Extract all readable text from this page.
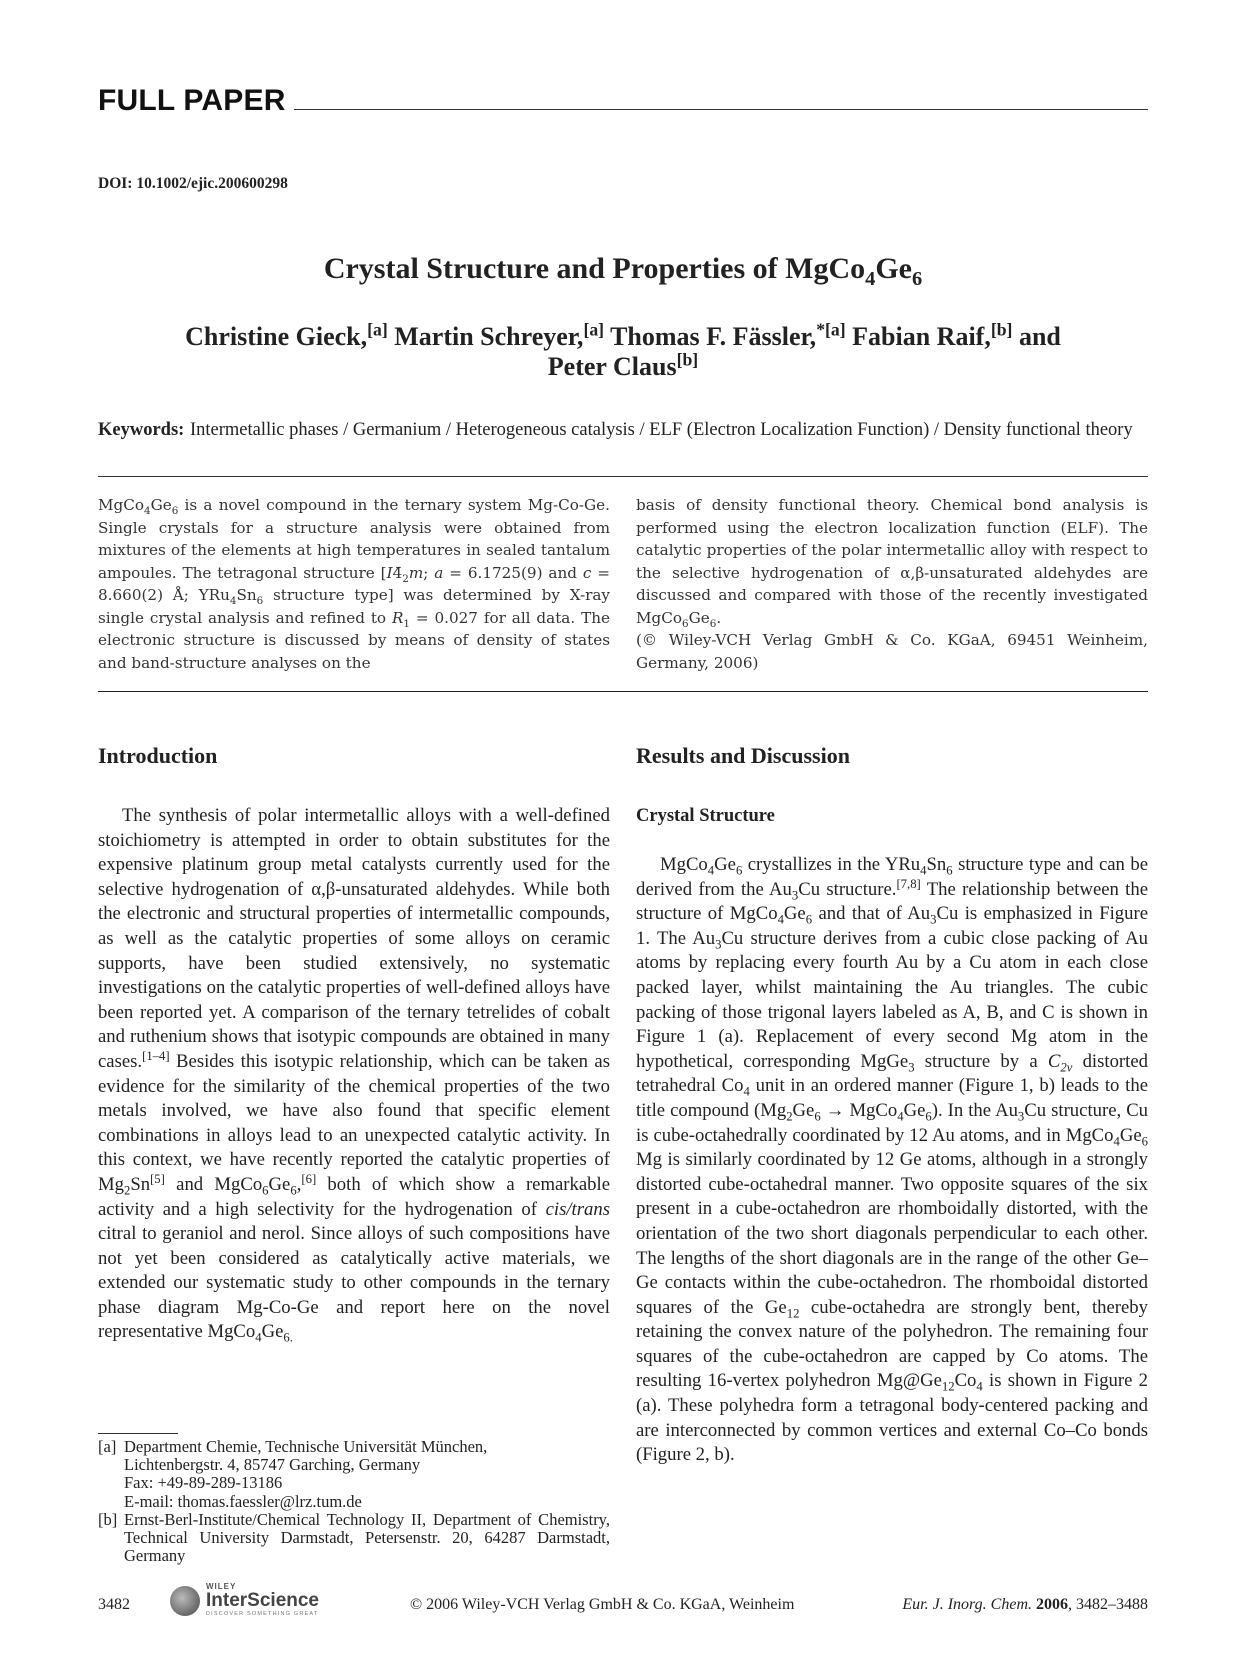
FULL PAPER
DOI: 10.1002/ejic.200600298
Crystal Structure and Properties of $MgCo_4Ge_6$
Christine Gieck,[a] Martin Schreyer,[a] Thomas F. Fässler,$^{*[a]}$ Fabian Raif,[b] and
Peter Claus[b]
Keywords: Intermetallic phases / Germanium / Heterogeneous catalysis / ELF (Electron Localization Function) / Density functional theory
$MgCo_4Ge_6$ is a novel compound in the ternary system Mg-Co-Ge. Single crystals for a structure analysis were obtained from mixtures of the elements at high temperatures in sealed tantalum ampoules. The tetragonal structure [$I4̄_2m$; a = 6.1725(9) and c = 8.660(2) Å; $YRu_4Sn_6$ structure type] was determined by X-ray single crystal analysis and refined to $R_1 = 0.027$ for all data. The electronic structure is discussed by means of density of states and band-structure analyses on the
basis of density functional theory. Chemical bond analysis is performed using the electron localization function (ELF). The catalytic properties of the polar intermetallic alloy with respect to the selective hydrogenation of α,β-unsaturated aldehydes are discussed and compared with those of the recently investigated $MgCo_6Ge_6$.
(© Wiley-VCH Verlag GmbH & Co. KGaA, 69451 Weinheim, Germany, 2006)
Introduction	Results and Discussion
Crystal Structure
The synthesis of polar intermetallic alloys with a well-defined stoichiometry is attempted in order to obtain substitutes for the expensive platinum group metal catalysts currently used for the selective hydrogenation of α,β-unsaturated aldehydes. While both the electronic and structural properties of intermetallic compounds, as well as the catalytic properties of some alloys on ceramic supports, have been studied extensively, no systematic investigations on the catalytic properties of well-defined alloys have been reported yet. A comparison of the ternary tetrelides of cobalt and ruthenium shows that isotypic compounds are obtained in many cases.[1–4] Besides this isotypic relationship, which can be taken as evidence for the similarity of the chemical properties of the two metals involved, we have also found that specific element combinations in alloys lead to an unexpected catalytic activity. In this context, we have recently reported the catalytic properties of $Mg_2Sn[5]$ and $MgCo_6Ge_6,[6]$ both of which show a remarkable activity and a high selectivity for the hydrogenation of cis/trans citral to geraniol and nerol. Since alloys of such compositions have not yet been considered as catalytically active materials, we extended our systematic study to other compounds in the ternary phase diagram Mg-Co-Ge and report here on the novel representative $MgCo_4Ge_{6.}$
$MgCo_4Ge_6$ crystallizes in the $YRu_4Sn_6$ structure type and can be derived from the $Au_3Cu$ structure.[7,8] The relationship between the structure of $MgCo_4Ge_6$ and that of $Au_3Cu$ is emphasized in Figure 1. The $Au_3Cu$ structure derives from a cubic close packing of Au atoms by replacing every fourth Au by a Cu atom in each close packed layer, whilst maintaining the Au triangles. The cubic packing of those trigonal layers labeled as A, B, and C is shown in Figure 1 (a). Replacement of every second Mg atom in the hypothetical, corresponding MgGe$_3$ structure by a $C_{2v}$ distorted tetrahedral $Co_4$ unit in an ordered manner (Figure 1, b) leads to the title compound ($Mg_2Ge_6$ → $MgCo_4Ge_6$). In the $Au_3Cu$ structure, Cu is cube-octahedrally coordinated by 12 Au atoms, and in $MgCo_4Ge_6$ Mg is similarly coordinated by 12 Ge atoms, although in a strongly distorted cube-octahedral manner. Two opposite squares of the six present in a cube-octahedron are rhomboidally distorted, with the orientation of the two short diagonals perpendicular to each other. The lengths of the short diagonals are in the range of the other Ge–Ge contacts within the cube-octahedron. The rhomboidal distorted squares of the $Ge_{12}$ cube-octahedra are strongly bent, thereby retaining the convex nature of the polyhedron. The remaining four squares of the cube-octahedron are capped by Co atoms. The resulting 16-vertex polyhedron $Mg@Ge_{12}Co_4$ is shown in Figure 2 (a). These polyhedra form a tetragonal body-centered packing and are interconnected by common vertices and external Co–Co bonds (Figure 2, b).
[a] Department Chemie, Technische Universität München,
Lichtenbergstr. 4, 85747 Garching, Germany
Fax: +49-89-289-13186
E-mail: thomas.faessler@lrz.tum.de
[b] Ernst-Berl-Institute/Chemical Technology II, Department of Chemistry, Technical University Darmstadt, Petersenstr. 20, 64287 Darmstadt, Germany
3482
WILEY
InterScience
DISCOVER SOMETHING GREAT
© 2006 Wiley-VCH Verlag GmbH & Co. KGaA, Weinheim	Eur. J. Inorg. Chem. 2006, 3482–3488
